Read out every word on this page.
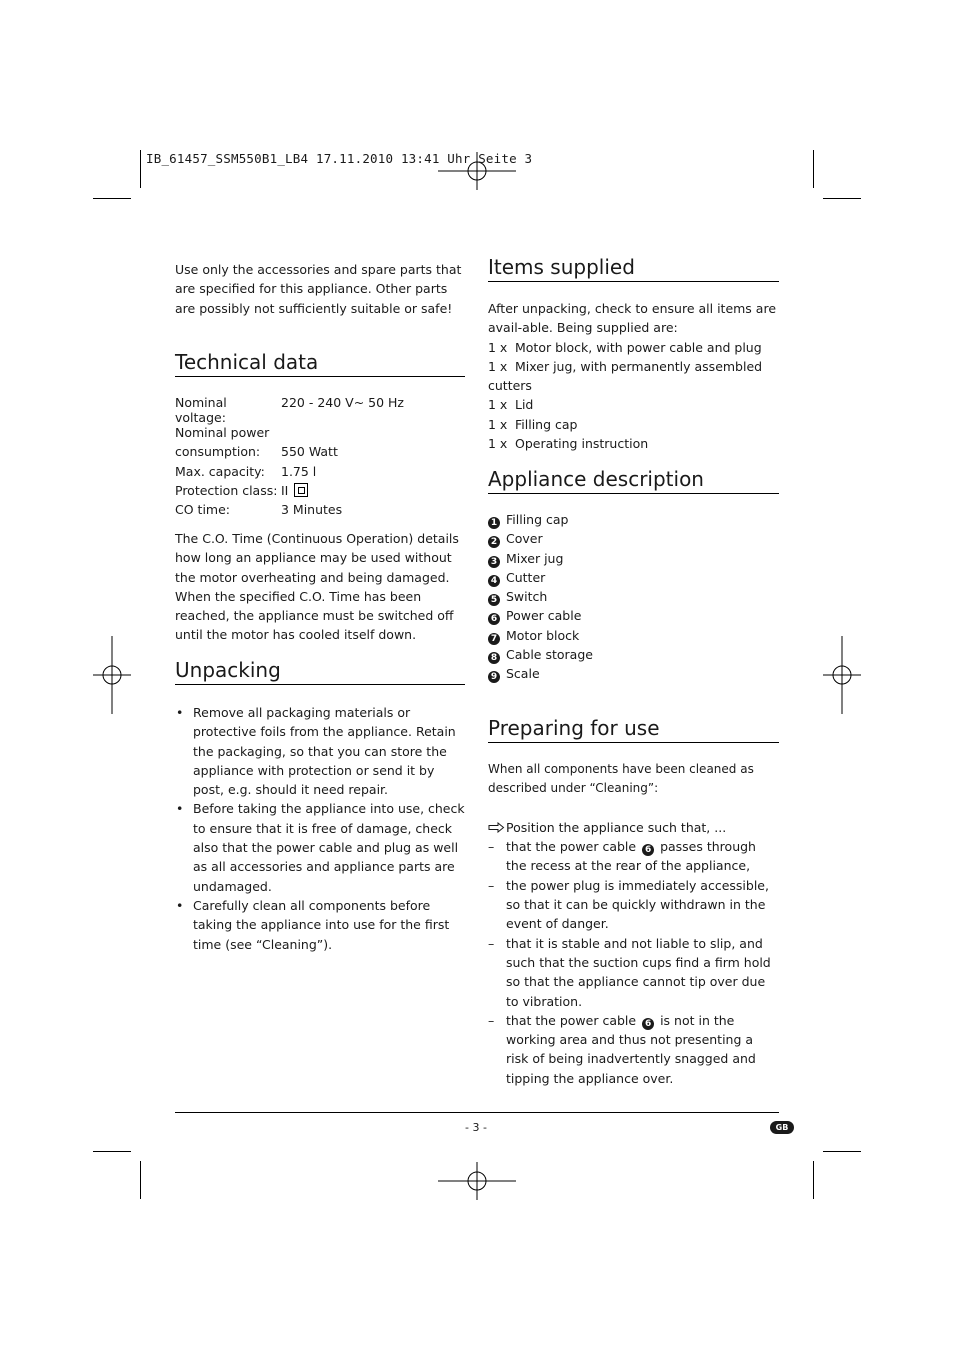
IB_61457_SSM550B1_LB4 17.11.2010 13:41 Uhr Seite 3
Use only the accessories and spare parts that are specified for this appliance. Other parts are possibly not sufficiently suitable or safe!
Technical data
Nominal voltage:	220 - 240 V~ 50 Hz
Nominal power	
consumption:	550 Watt
Max. capacity:	1.75 l
Protection class:	II
CO time:	3 Minutes
The C.O. Time (Continuous Operation) details how long an appliance may be used without the motor overheating and being damaged. When the specified C.O. Time has been reached, the appliance must be switched off until the motor has cooled itself down.
Unpacking
• Remove all packaging materials or protective foils from the appliance. Retain the packaging, so that you can store the appliance with protection or send it by post, e.g. should it need repair.
• Before taking the appliance into use, check to ensure that it is free of damage, check also that the power cable and plug as well as all accessories and appliance parts are undamaged.
• Carefully clean all components before taking the appliance into use for the first time (see “Cleaning”).
Items supplied
After unpacking, check to ensure all items are avail-able. Being supplied are:
1 x Motor block, with power cable and plug
1 x Mixer jug, with permanently assembled cutters
1 x Lid
1 x Filling cap
1 x Operating instruction
Appliance description
1 Filling cap
2 Cover
3 Mixer jug
4 Cutter
5 Switch
6 Power cable
7 Motor block
8 Cable storage
9 Scale
Preparing for use
When all components have been cleaned as described under “Cleaning”:
Position the appliance such that, ...
– that the power cable 6 passes through the recess at the rear of the appliance,
– the power plug is immediately accessible, so that it can be quickly withdrawn in the event of danger.
– that it is stable and not liable to slip, and such that the suction cups find a firm hold so that the appliance cannot tip over due to vibration.
– that the power cable 6 is not in the working area and thus not presenting a risk of being inadvertently snagged and tipping the appliance over.
- 3 -	GB
